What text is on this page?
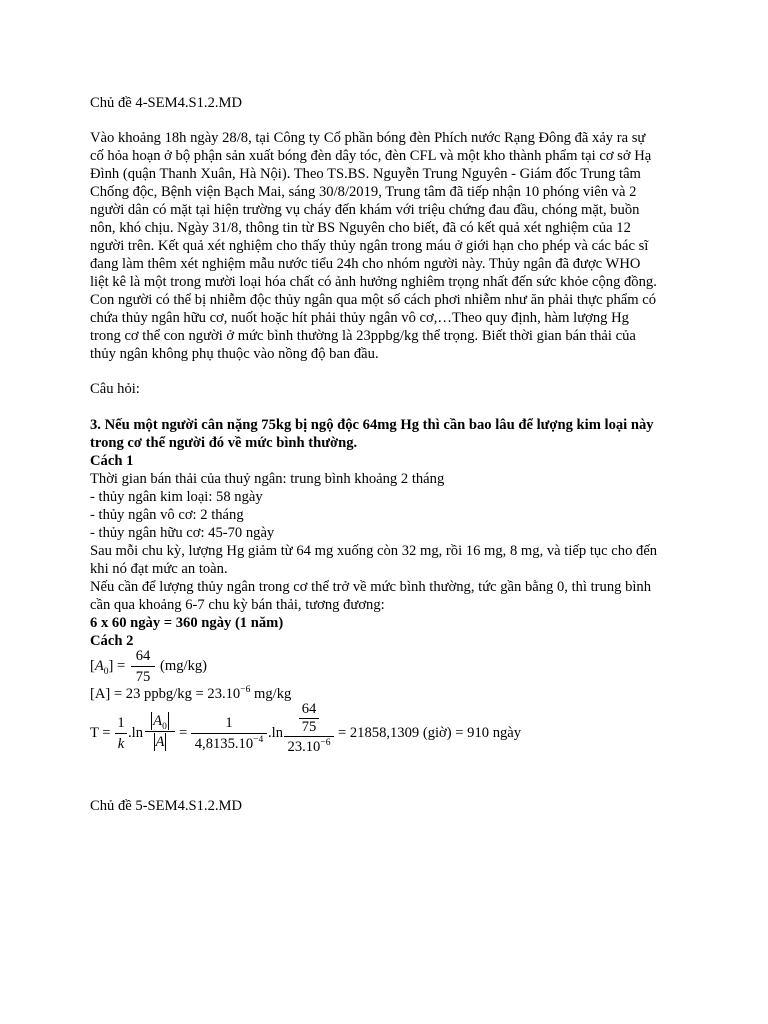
Chủ đề 4-SEM4.S1.2.MD
Vào khoảng 18h ngày 28/8, tại Công ty Cổ phần bóng đèn Phích nước Rạng Đông đã xảy ra sự
cố hỏa hoạn ở bộ phận sản xuất bóng đèn dây tóc, đèn CFL và một kho thành phẩm tại cơ sở Hạ
Đình (quận Thanh Xuân, Hà Nội). Theo TS.BS. Nguyễn Trung Nguyên - Giám đốc Trung tâm
Chống độc, Bệnh viện Bạch Mai, sáng 30/8/2019, Trung tâm đã tiếp nhận 10 phóng viên và 2
người dân có mặt tại hiện trường vụ cháy đến khám với triệu chứng đau đầu, chóng mặt, buồn
nôn, khó chịu. Ngày 31/8, thông tin từ BS Nguyên cho biết, đã có kết quả xét nghiệm của 12
người trên. Kết quả xét nghiệm cho thấy thủy ngân trong máu ở giới hạn cho phép và các bác sĩ
đang làm thêm xét nghiệm mẫu nước tiểu 24h cho nhóm người này. Thủy ngân đã được WHO
liệt kê là một trong mười loại hóa chất có ảnh hưởng nghiêm trọng nhất đến sức khỏe cộng đồng.
Con người có thể bị nhiễm độc thủy ngân qua một số cách phơi nhiễm như ăn phải thực phẩm có
chứa thủy ngân hữu cơ, nuốt hoặc hít phải thủy ngân vô cơ,…Theo quy định, hàm lượng Hg
trong cơ thể con người ở mức bình thường là 23ppbg/kg thể trọng. Biết thời gian bán thải của
thủy ngân không phụ thuộc vào nồng độ ban đầu.
Câu hỏi:
3. Nếu một người cân nặng 75kg bị ngộ độc 64mg Hg thì cần bao lâu để lượng kim loại này
trong cơ thể người đó về mức bình thường.
Cách 1
Thời gian bán thải của thuỷ ngân: trung bình khoảng 2 tháng
- thủy ngân kim loại: 58 ngày
- thủy ngân vô cơ: 2 tháng
- thủy ngân hữu cơ: 45-70 ngày
Sau mỗi chu kỳ, lượng Hg giảm từ 64 mg xuống còn 32 mg, rồi 16 mg, 8 mg, và tiếp tục cho đến
khi nó đạt mức an toàn.
Nếu cần để lượng thủy ngân trong cơ thể trở về mức bình thường, tức gần bằng 0, thì trung bình
cần qua khoảng 6-7 chu kỳ bán thải, tương đương:
6 x 60 ngày = 360 ngày (1 năm)
Cách 2
$[A_0]$ =
64
75
(mg/kg)
[A] = 23 ppbg/kg = $23.10^{-6}$ mg/kg
T =
1
k
.ln
$A_0$
A
=
1
$4,8135.10^{-4}$ .ln
64
75
$23.10^{-6}$
= 21858,1309 (giờ) = 910 ngày
Chủ đề 5-SEM4.S1.2.MD
